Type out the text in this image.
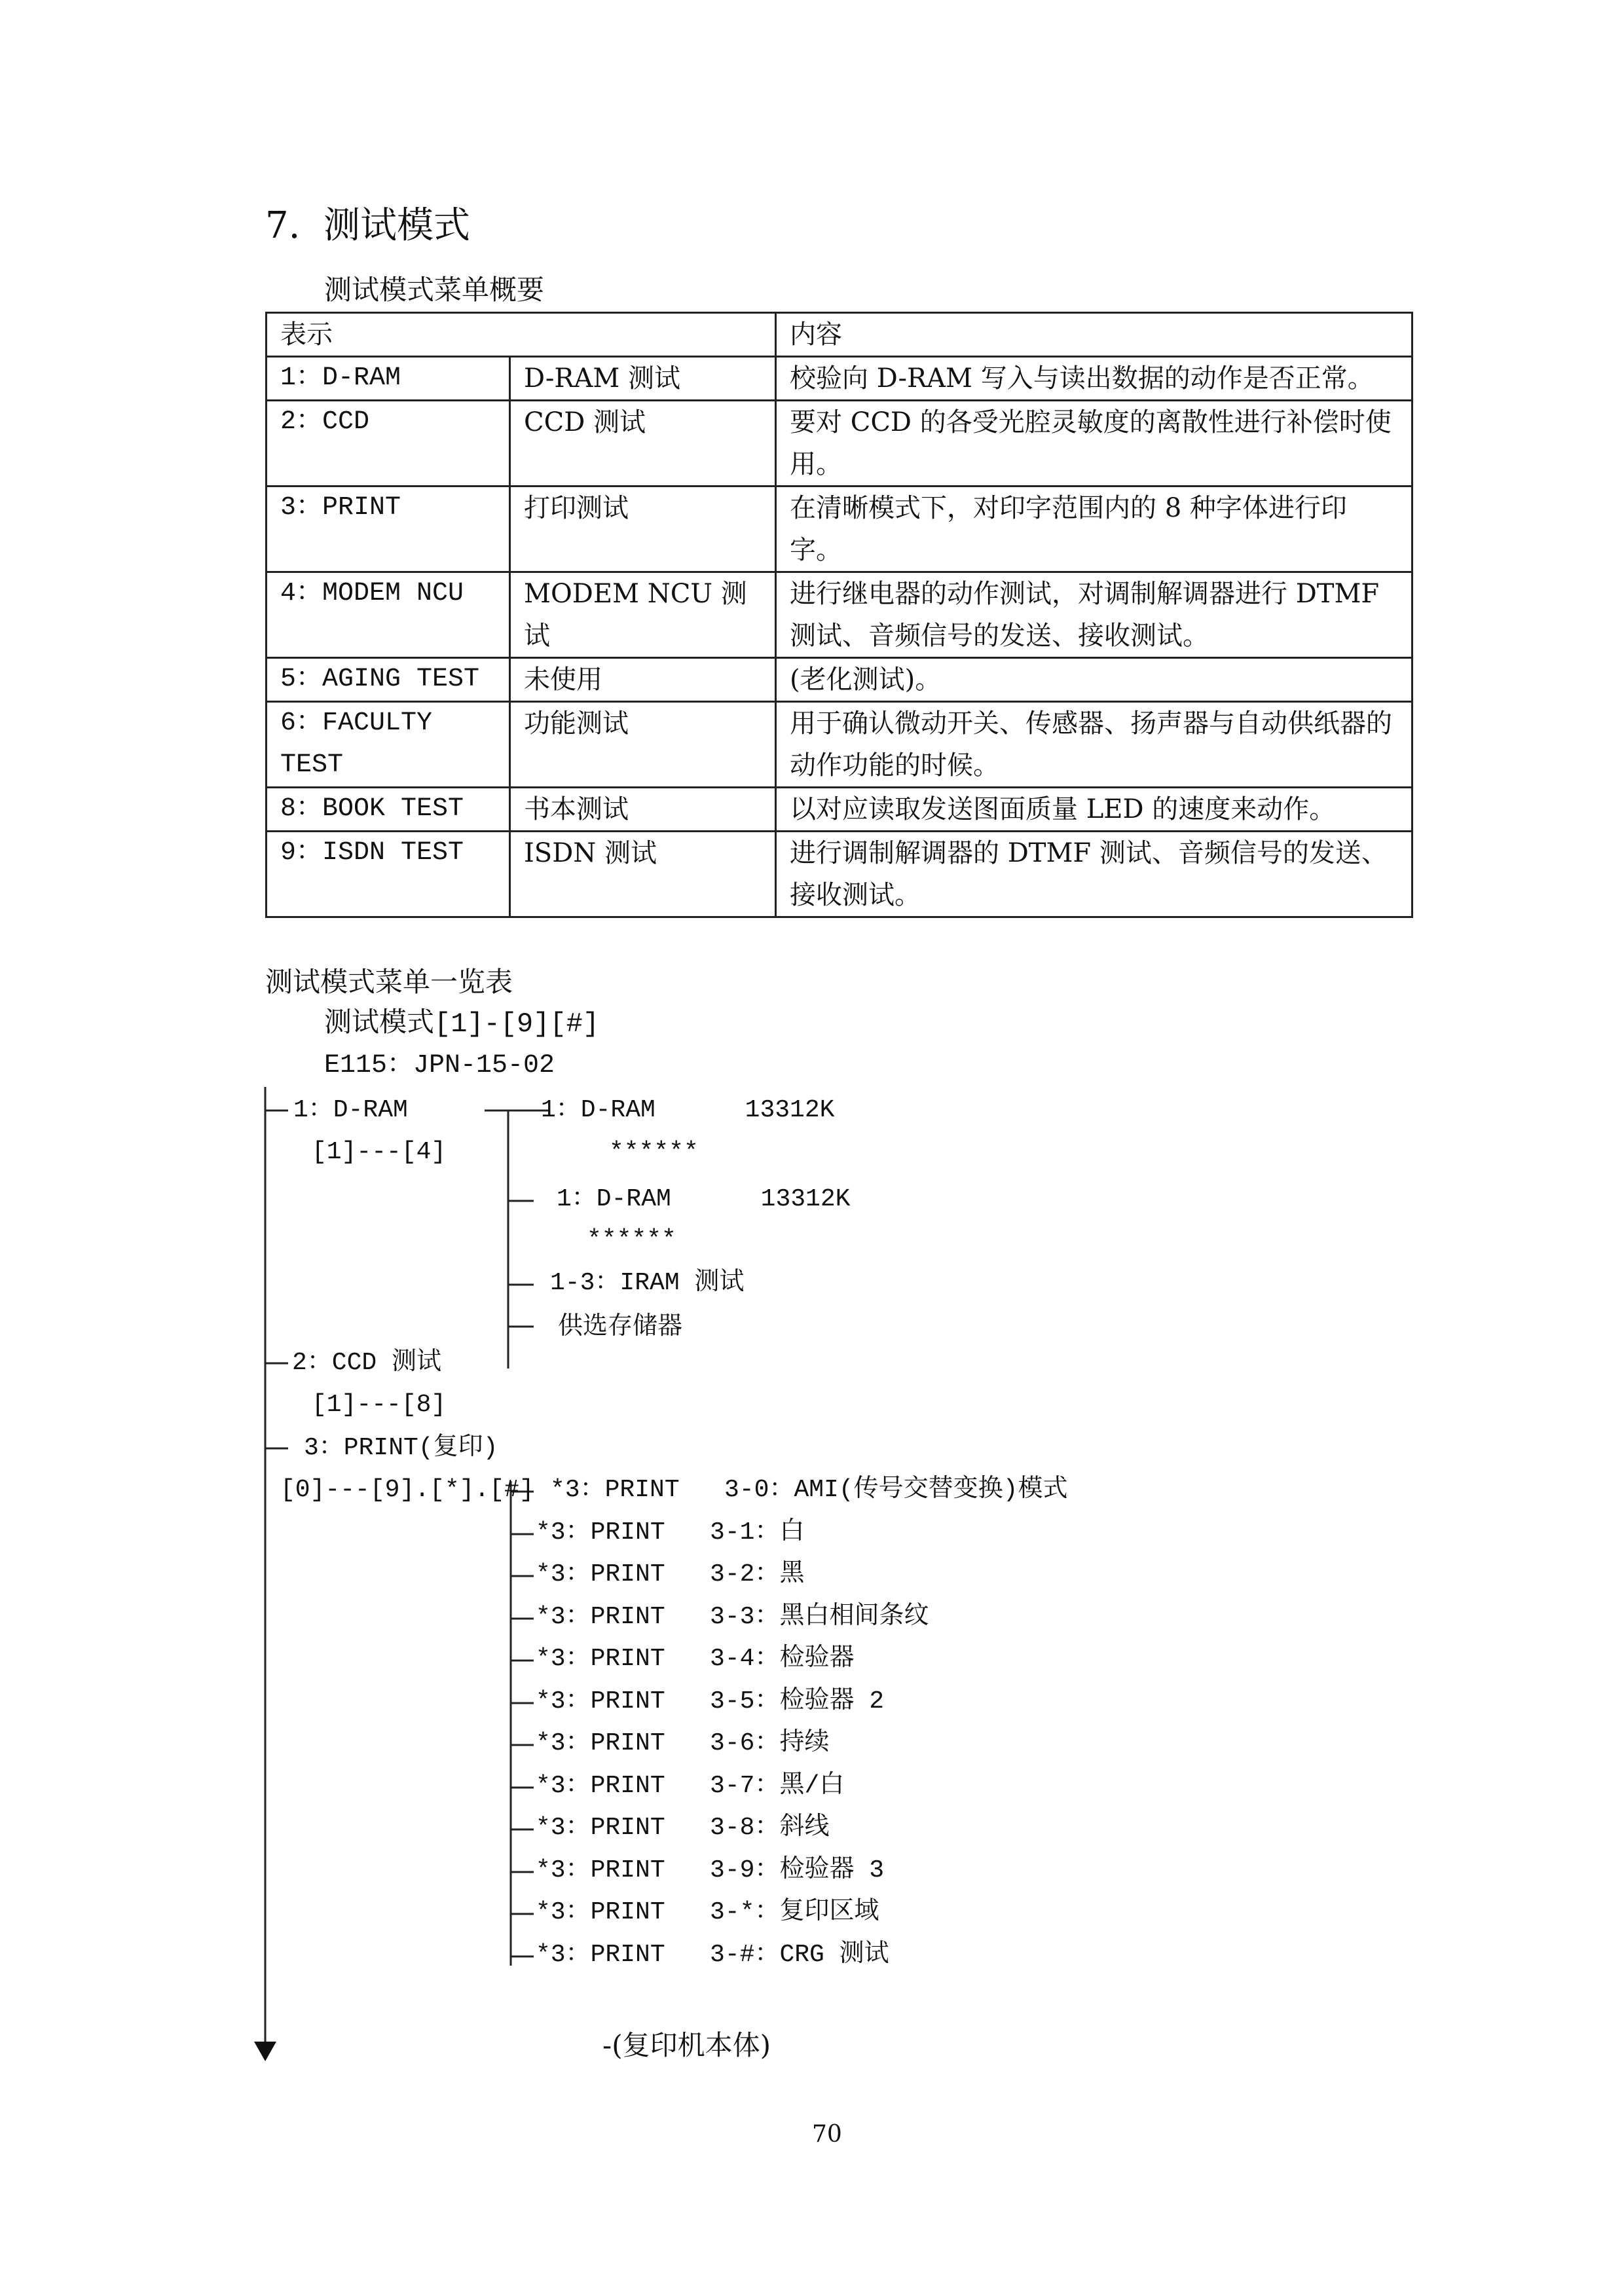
7.  测试模式
测试模式菜单概要
表示		内容
1：D-RAM	D-RAM 测试	校验向 D-RAM 写入与读出数据的动作是否正常。
2：CCD	CCD 测试	要对 CCD 的各受光腔灵敏度的离散性进行补偿时使用。
3：PRINT	打印测试	在清晰模式下，对印字范围内的 8 种字体进行印字。
4：MODEM NCU	MODEM NCU 测试	进行继电器的动作测试，对调制解调器进行 DTMF 测试、音频信号的发送、接收测试。
5：AGING TEST	未使用	(老化测试)。
6：FACULTY TEST	功能测试	用于确认微动开关、传感器、扬声器与自动供纸器的动作功能的时候。
8：BOOK TEST	书本测试	以对应读取发送图面质量 LED 的速度来动作。
9：ISDN TEST	ISDN 测试	进行调制解调器的 DTMF 测试、音频信号的发送、接收测试。
测试模式菜单一览表
测试模式[1]-[9][#]
E115：JPN-15-02
1：D-RAM
[1]---[4]
1：D-RAM      13312K
******
1：D-RAM      13312K
******
1-3：IRAM 测试
供选存储器
2：CCD 测试
[1]---[8]
3：PRINT(复印)
[0]---[9].[*].[#] *3：PRINT   3-0：AMI(传号交替变换)模式
*3：PRINT   3-1：白
*3：PRINT   3-2：黑
*3：PRINT   3-3：黑白相间条纹
*3：PRINT   3-4：检验器
*3：PRINT   3-5：检验器 2
*3：PRINT   3-6：持续
*3：PRINT   3-7：黑/白
*3：PRINT   3-8：斜线
*3：PRINT   3-9：检验器 3
*3：PRINT   3-*：复印区域
*3：PRINT   3-#：CRG 测试
-(复印机本体)
70
